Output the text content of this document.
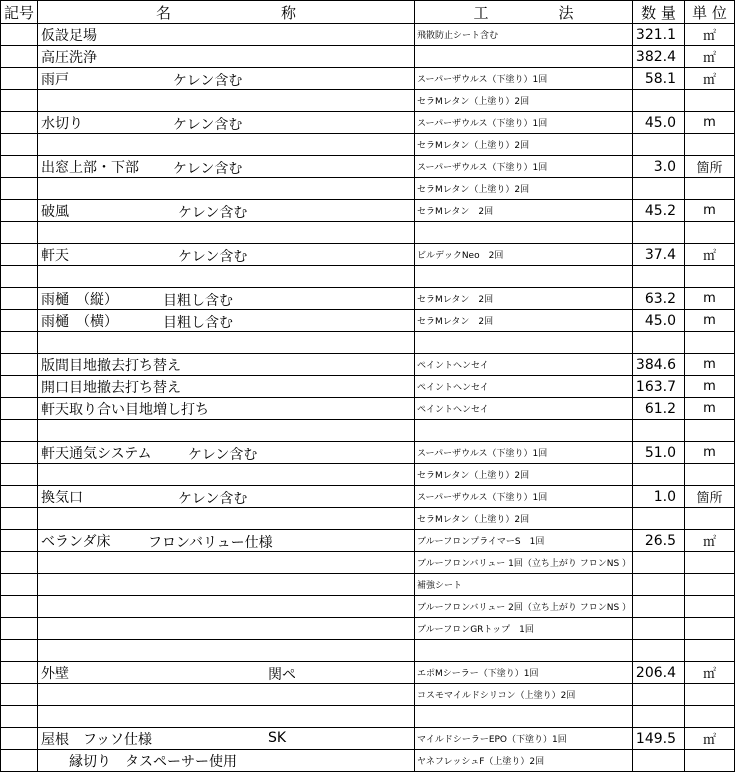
記号	名 称	工 法	数 量	単 位
	仮設足場	飛散防止シート含む	321.1	㎡
	高圧洗浄		382.4	㎡
	雨戸 ケレン含む	スーパーザウルス（下塗り）1回	58.1	㎡
		セラMレタン（上塗り）2回		
	水切り ケレン含む	スーパーザウルス（下塗り）1回	45.0	m
		セラMレタン（上塗り）2回		
	出窓上部・下部 ケレン含む	スーパーザウルス（下塗り）1回	3.0	箇所
		セラMレタン（上塗り）2回		
	破風 ケレン含む	セラMレタン　2回	45.2	m

	軒天 ケレン含む	ビルデックNeo　2回	37.4	㎡

	雨樋　（縦） 目粗し含む	セラMレタン　2回	63.2	m
	雨樋　（横） 目粗し含む	セラMレタン　2回	45.0	m

	版間目地撤去打ち替え	ペイントヘンセイ	384.6	m
	開口目地撤去打ち替え	ペイントヘンセイ	163.7	m
	軒天取り合い目地増し打ち	ペイントヘンセイ	61.2	m

	軒天通気システム ケレン含む	スーパーザウルス（下塗り）1回	51.0	m
		セラMレタン（上塗り）2回		
	換気口 ケレン含む	スーパーザウルス（下塗り）1回	1.0	箇所
		セラMレタン（上塗り）2回		
	ベランダ床 フロンバリュー仕様	ブルーフロンプライマーS　1回	26.5	㎡
		ブルーフロンバリュー 1回（立ち上がり フロンNS ）		
		補強シート		
		ブルーフロンバリュー 2回（立ち上がり フロンNS ）		
		ブルーフロンGRトップ　1回		

	外壁 関ペ	エポMシーラー（下塗り）1回	206.4	㎡
		コスモマイルドシリコン（上塗り）2回		

	屋根　フッソ仕様 SK	マイルドシーラーEPO（下塗り）1回	149.5	㎡
	　　縁切り　タスペーサー使用	ヤネフレッシュF（上塗り）2回		
